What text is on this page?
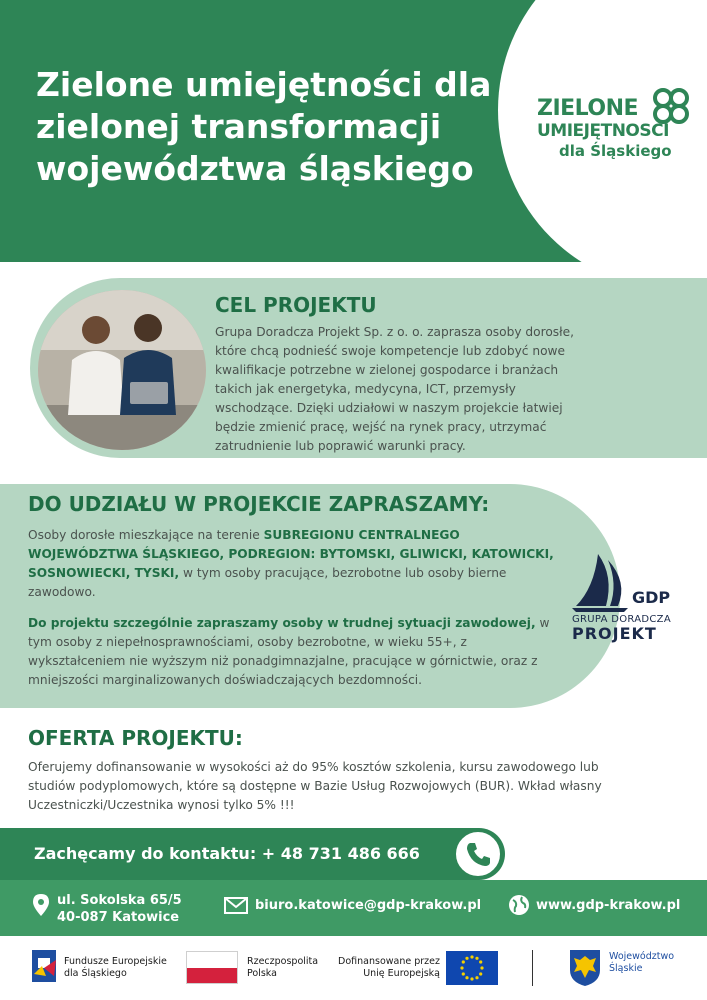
Zielone umiejętności dla zielonej transformacji województwa śląskiego
ZIELONE
UMIEJĘTNOSCI
dla Śląskiego
CEL PROJEKTU

Grupa Doradcza Projekt Sp. z o. o. zaprasza osoby dorosłe, które chcą podnieść swoje kompetencje lub zdobyć nowe kwalifikacje potrzebne w zielonej gospodarce i branżach takich jak energetyka, medycyna, ICT, przemysły wschodzące. Dzięki udziałowi w naszym projekcie łatwiej będzie zmienić pracę, wejść na rynek pracy, utrzymać zatrudnienie lub poprawić warunki pracy.

DO UDZIAŁU W PROJEKCIE ZAPRASZAMY:

Osoby dorosłe mieszkające na terenie SUBREGIONU CENTRALNEGO WOJEWÓDZTWA ŚLĄSKIEGO, PODREGION: BYTOMSKI, GLIWICKI, KATOWICKI, SOSNOWIECKI, TYSKI, w tym osoby pracujące, bezrobotne lub osoby bierne zawodowo.

Do projektu szczególnie zapraszamy osoby w trudnej sytuacji zawodowej, w tym osoby z niepełnosprawnościami, osoby bezrobotne, w wieku 55+, z wykształceniem nie wyższym niż ponadgimnazjalne, pracujące w górnictwie, oraz z mniejszości marginalizowanych doświadczających bezdomności.

GDP
GRUPA DORADCZA
PROJEKT
OFERTA PROJEKTU:

Oferujemy dofinansowanie w wysokości aż do 95% kosztów szkolenia, kursu zawodowego lub studiów podyplomowych, które są dostępne w Bazie Usług Rozwojowych (BUR). Wkład własny Uczestniczki/Uczestnika wynosi tylko 5% !!!

Zachęcamy do kontaktu: + 48 731 486 666
ul. Sokolska 65/5
40-087 Katowice
biuro.katowice@gdp-krakow.pl	www.gdp-krakow.pl
Fundusze Europejskie
dla Śląskiego
Rzeczpospolita
Polska
Dofinansowane przez
Unię Europejską
Województwo
Śląskie
